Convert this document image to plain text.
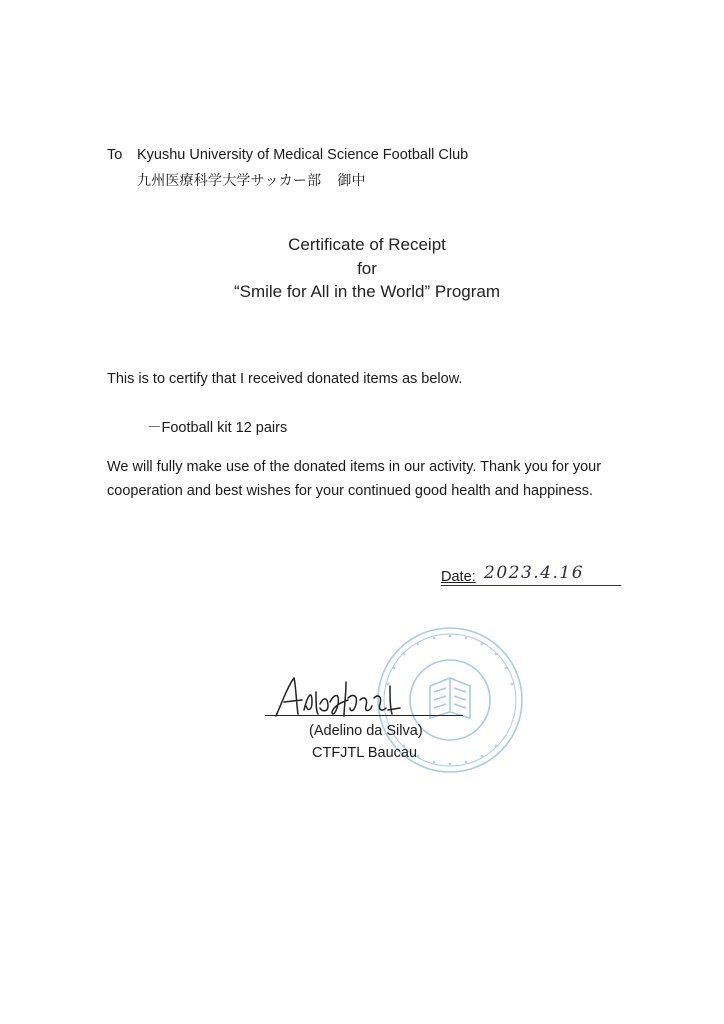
To Kyushu University of Medical Science Football Club
九州医療科学大学サッカー部 御中
Certificate of Receipt
for
“Smile for All in the World” Program
This is to certify that I received donated items as below.
－Football kit 12 pairs
We will fully make use of the donated items in our activity. Thank you for your
cooperation and best wishes for your continued good health and happiness.
Date: 2023.4.16
(Adelino da Silva)
CTFJTL Baucau
